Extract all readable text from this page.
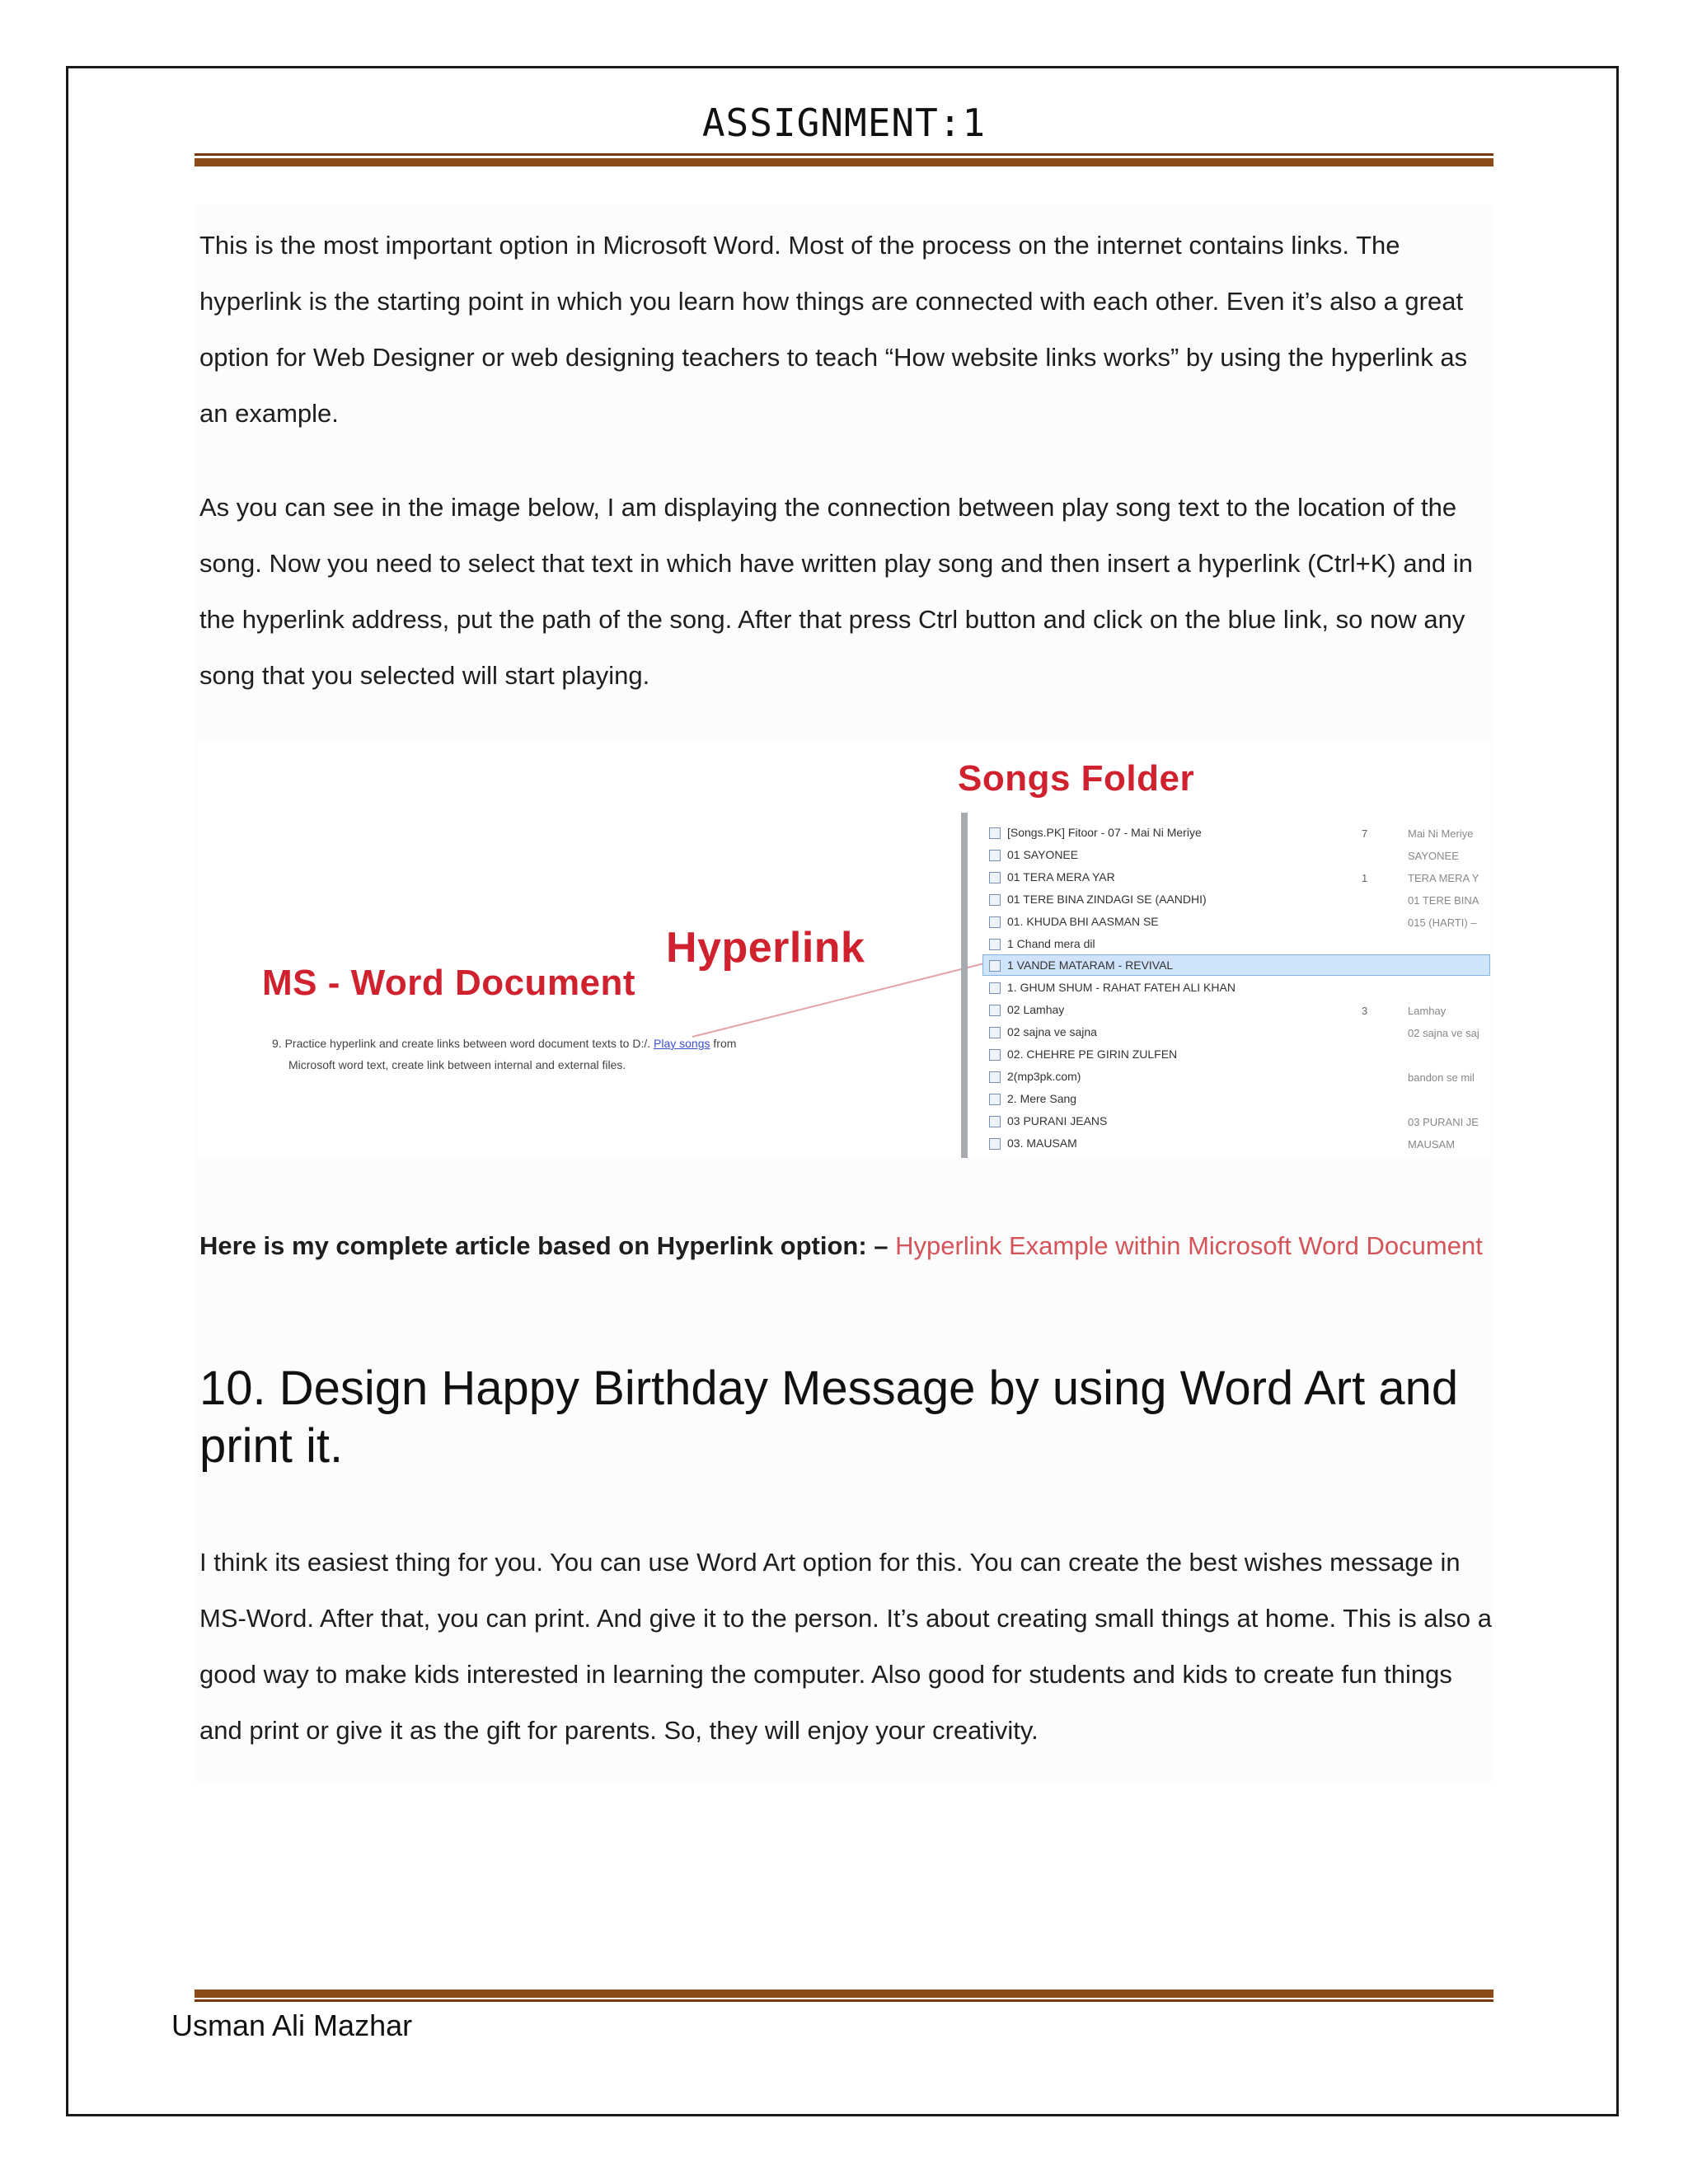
ASSIGNMENT:1

This is the most important option in Microsoft Word. Most of the process on the internet contains links. The hyperlink is the starting point in which you learn how things are connected with each other. Even it’s also a great option for Web Designer or web designing teachers to teach “How website links works” by using the hyperlink as an example.

As you can see in the image below, I am displaying the connection between play song text to the location of the song. Now you need to select that text in which have written play song and then insert a hyperlink (Ctrl+K) and in the hyperlink address, put the path of the song. After that press Ctrl button and click on the blue link, so now any song that you selected will start playing.

Songs Folder
Hyperlink
MS - Word Document
9. Practice hyperlink and create links between word document texts to D:/. Play songs from
Microsoft word text, create link between internal and external files.
[Songs.PK] Fitoor - 07 - Mai Ni Meriye
01 SAYONEE
01 TERA MERA YAR
01 TERE BINA ZINDAGI SE (AANDHI)
01. KHUDA BHI AASMAN SE
1 Chand mera dil
1 VANDE MATARAM - REVIVAL
1. GHUM SHUM - RAHAT FATEH ALI KHAN
02 Lamhay
02 sajna ve sajna
02. CHEHRE PE GIRIN ZULFEN
2(mp3pk.com)
2. Mere Sang
03 PURANI JEANS
03. MAUSAM
7
1
3
Mai Ni Meriye
SAYONEE
TERA MERA Y
01 TERE BINA
015 (HARTI) –
Lamhay
02 sajna ve saj
bandon se mil
03 PURANI JE
MAUSAM

Here is my complete article based on Hyperlink option: – Hyperlink Example within Microsoft Word Document

10. Design Happy Birthday Message by using Word Art and print it.

I think its easiest thing for you. You can use Word Art option for this. You can create the best wishes message in MS-Word. After that, you can print. And give it to the person. It’s about creating small things at home. This is also a good way to make kids interested in learning the computer. Also good for students and kids to create fun things and print or give it as the gift for parents. So, they will enjoy your creativity.

Usman Ali Mazhar
